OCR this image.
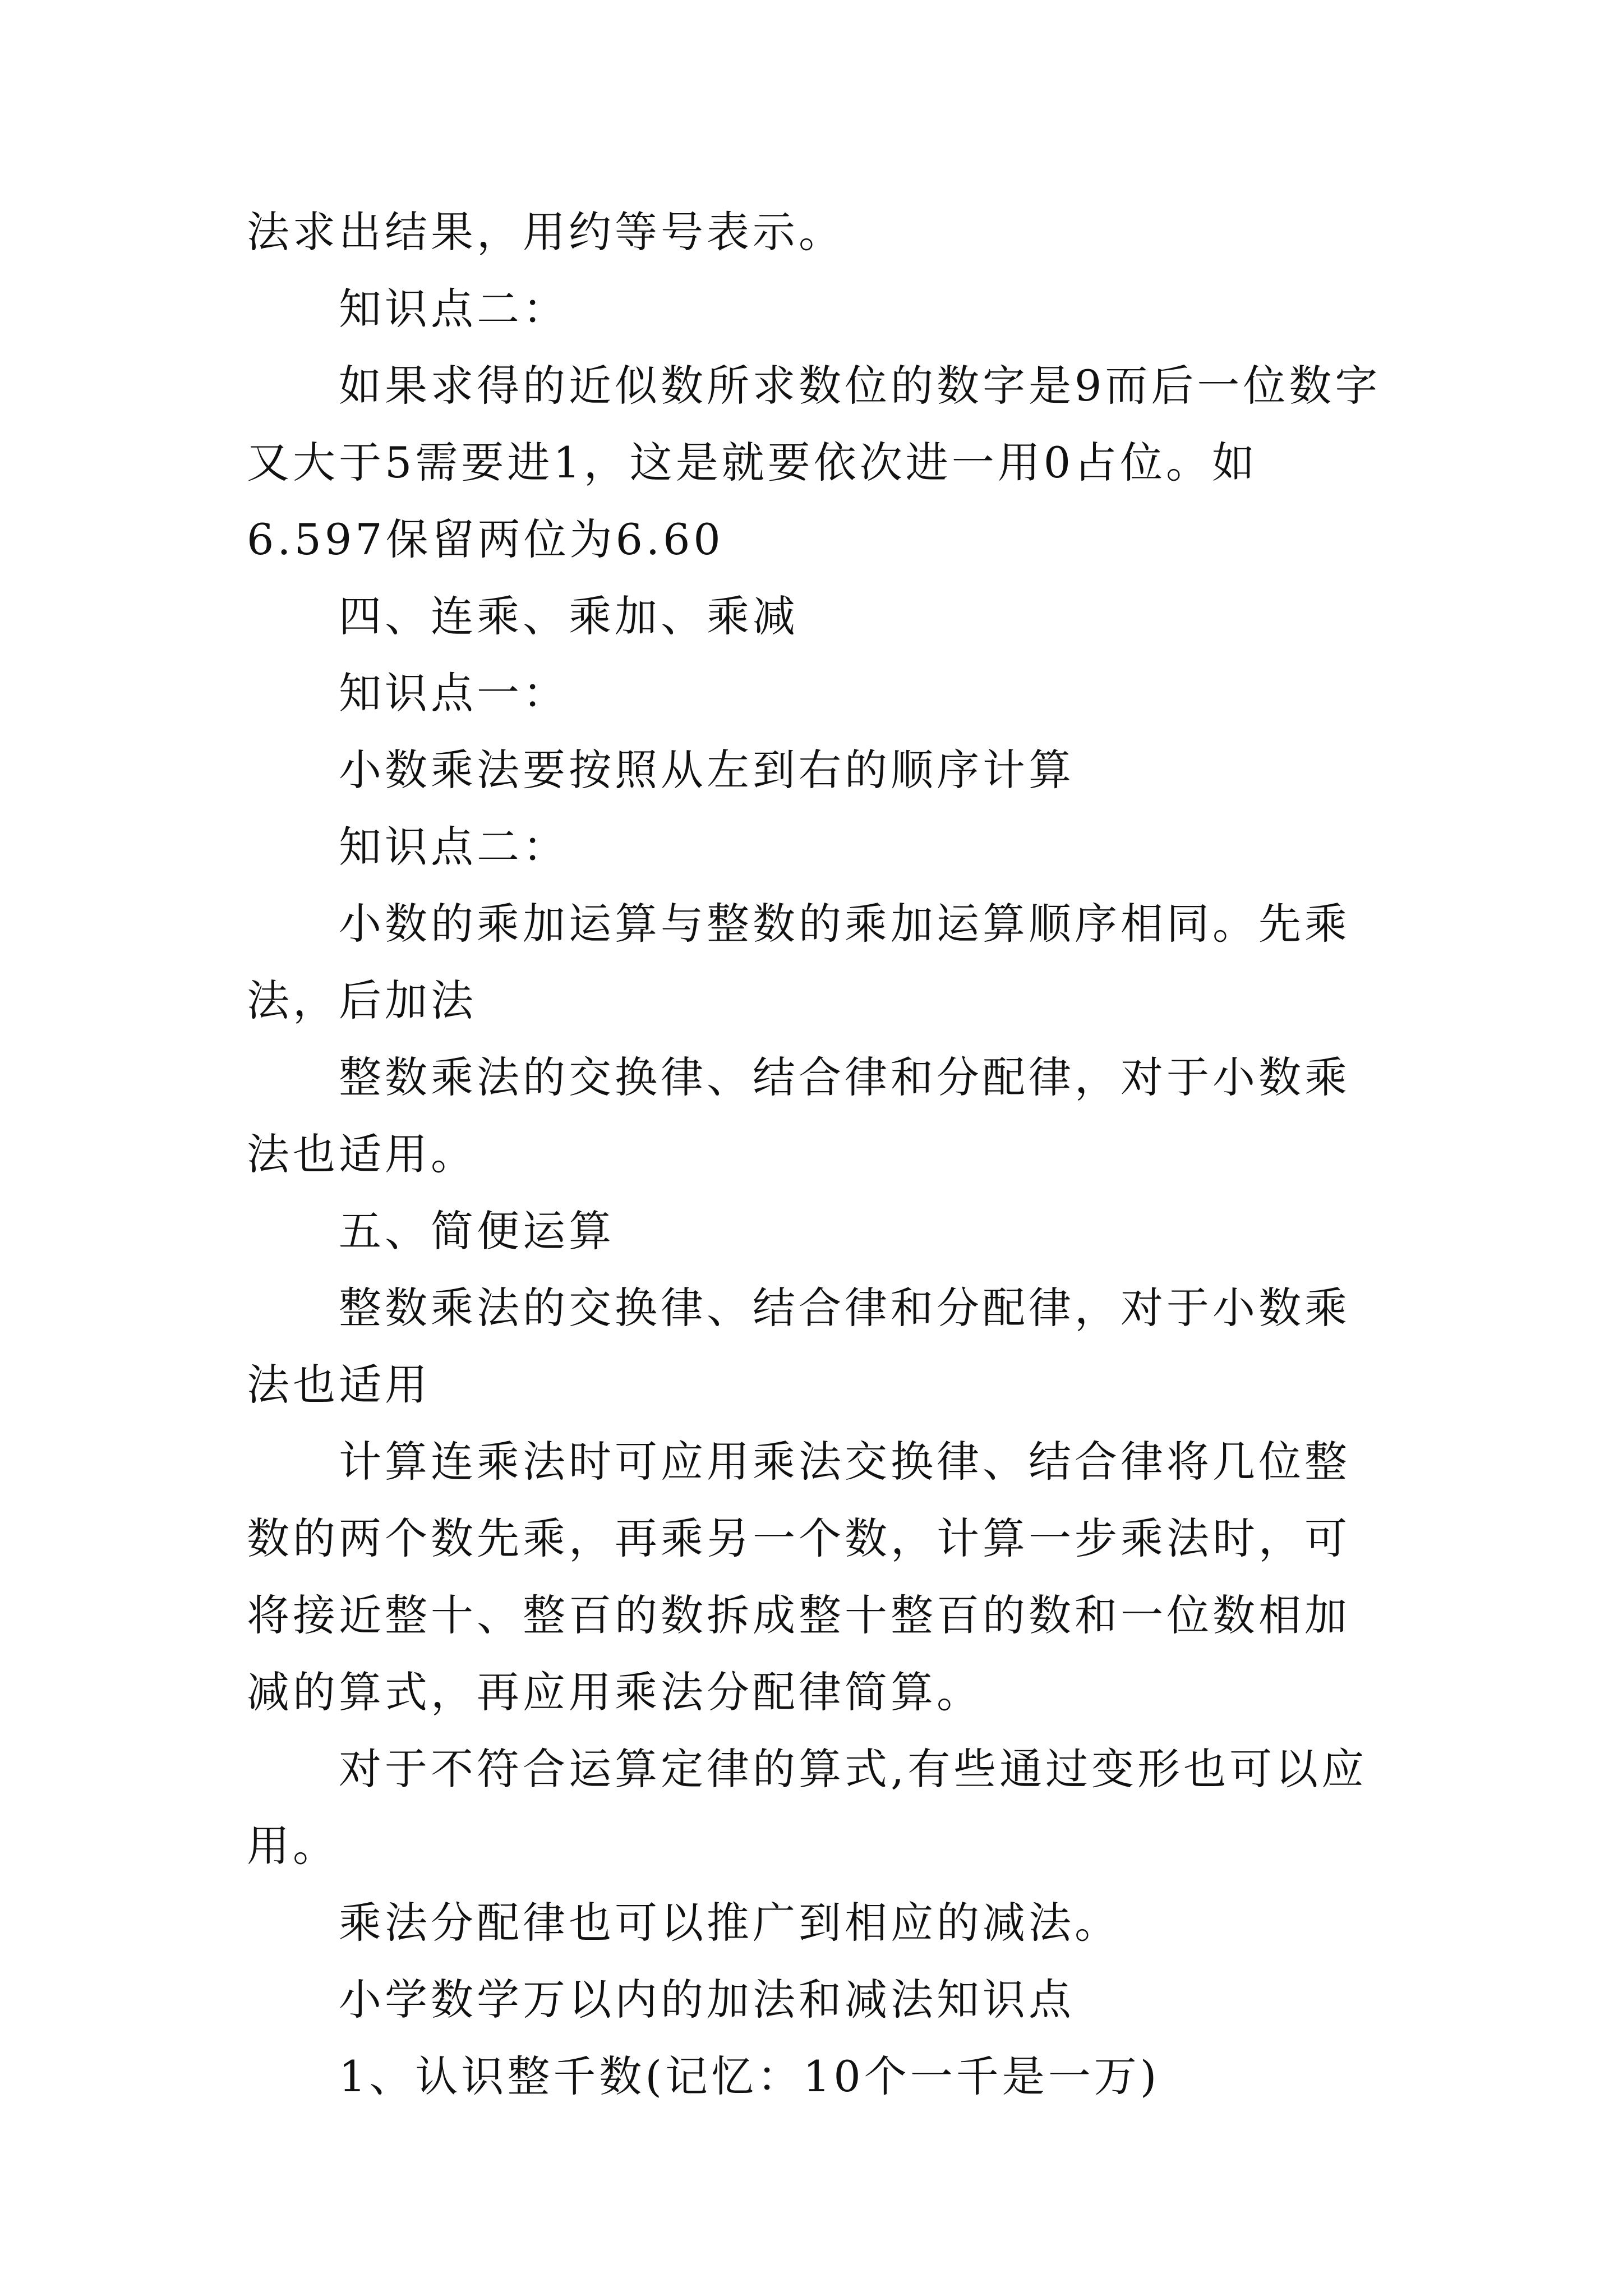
法求出结果，用约等号表示。

知识点二：

如果求得的近似数所求数位的数字是9而后一位数字又大于5需要进1，这是就要依次进一用0占位。如6.597保留两位为6.60

四、连乘、乘加、乘减

知识点一：

小数乘法要按照从左到右的顺序计算

知识点二：

小数的乘加运算与整数的乘加运算顺序相同。先乘法，后加法

整数乘法的交换律、结合律和分配律，对于小数乘法也适用。

五、简便运算

整数乘法的交换律、结合律和分配律，对于小数乘法也适用

计算连乘法时可应用乘法交换律、结合律将几位整数的两个数先乘，再乘另一个数，计算一步乘法时，可将接近整十、整百的数拆成整十整百的数和一位数相加减的算式，再应用乘法分配律简算。

对于不符合运算定律的算式,有些通过变形也可以应用。

乘法分配律也可以推广到相应的减法。

小学数学万以内的加法和减法知识点

1、认识整千数(记忆：10个一千是一万)
